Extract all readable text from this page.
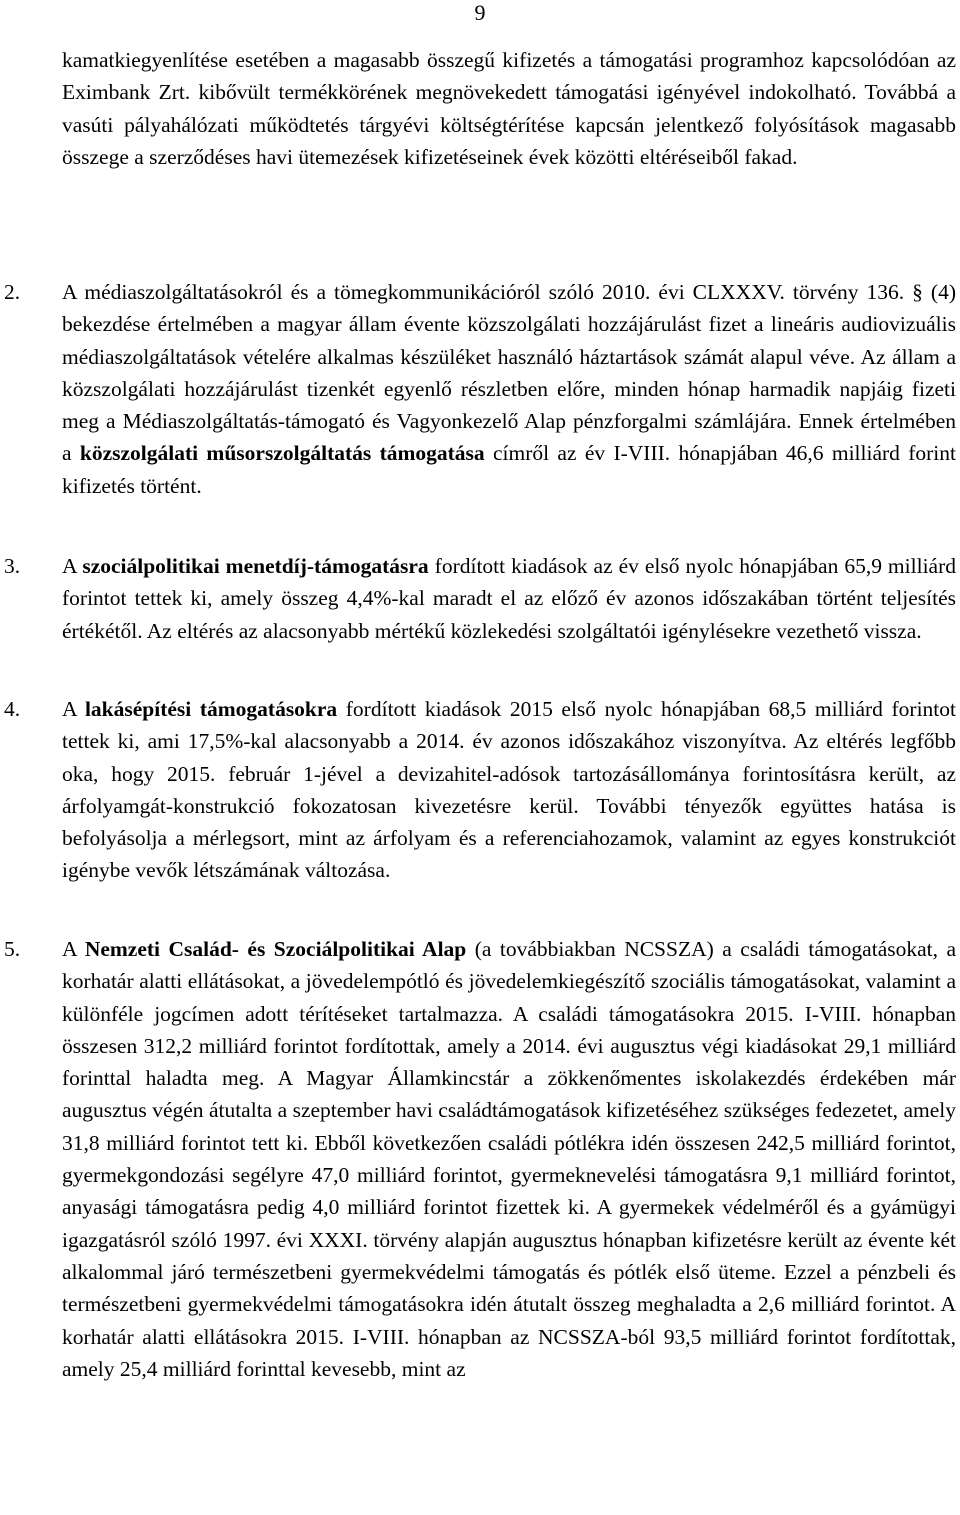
9
kamatkiegyenlítése esetében a magasabb összegű kifizetés a támogatási programhoz kapcsolódóan az Eximbank Zrt. kibővült termékkörének megnövekedett támogatási igényével indokolható. Továbbá a vasúti pályahálózati működtetés tárgyévi költségtérítése kapcsán jelentkező folyósítások magasabb összege a szerződéses havi ütemezések kifizetéseinek évek közötti eltéréseiből fakad.
2. A médiaszolgáltatásokról és a tömegkommunikációról szóló 2010. évi CLXXXV. törvény 136. § (4) bekezdése értelmében a magyar állam évente közszolgálati hozzájárulást fizet a lineáris audiovizuális médiaszolgáltatások vételére alkalmas készüléket használó háztartások számát alapul véve. Az állam a közszolgálati hozzájárulást tizenkét egyenlő részletben előre, minden hónap harmadik napjáig fizeti meg a Médiaszolgáltatás-támogató és Vagyonkezelő Alap pénzforgalmi számlájára. Ennek értelmében a közszolgálati műsorszolgáltatás támogatása címről az év I-VIII. hónapjában 46,6 milliárd forint kifizetés történt.
3. A szociálpolitikai menetdíj-támogatásra fordított kiadások az év első nyolc hónapjában 65,9 milliárd forintot tettek ki, amely összeg 4,4%-kal maradt el az előző év azonos időszakában történt teljesítés értékétől. Az eltérés az alacsonyabb mértékű közlekedési szolgáltatói igénylésekre vezethető vissza.
4. A lakásépítési támogatásokra fordított kiadások 2015 első nyolc hónapjában 68,5 milliárd forintot tettek ki, ami 17,5%-kal alacsonyabb a 2014. év azonos időszakához viszonyítva. Az eltérés legfőbb oka, hogy 2015. február 1-jével a devizahitel-adósok tartozásállománya forintosításra került, az árfolyamgát-konstrukció fokozatosan kivezetésre kerül. További tényezők együttes hatása is befolyásolja a mérlegsort, mint az árfolyam és a referenciahozamok, valamint az egyes konstrukciót igénybe vevők létszámának változása.
5. A Nemzeti Család- és Szociálpolitikai Alap (a továbbiakban NCSSZA) a családi támogatásokat, a korhatár alatti ellátásokat, a jövedelempótló és jövedelemkiegészítő szociális támogatásokat, valamint a különféle jogcímen adott térítéseket tartalmazza. A családi támogatásokra 2015. I-VIII. hónapban összesen 312,2 milliárd forintot fordítottak, amely a 2014. évi augusztus végi kiadásokat 29,1 milliárd forinttal haladta meg. A Magyar Államkincstár a zökkenőmentes iskolakezdés érdekében már augusztus végén átutalta a szeptember havi családtámogatások kifizetéséhez szükséges fedezetet, amely 31,8 milliárd forintot tett ki. Ebből következően családi pótlékra idén összesen 242,5 milliárd forintot, gyermekgondozási segélyre 47,0 milliárd forintot, gyermeknevelési támogatásra 9,1 milliárd forintot, anyasági támogatásra pedig 4,0 milliárd forintot fizettek ki. A gyermekek védelméről és a gyámügyi igazgatásról szóló 1997. évi XXXI. törvény alapján augusztus hónapban kifizetésre került az évente két alkalommal járó természetbeni gyermekvédelmi támogatás és pótlék első üteme. Ezzel a pénzbeli és természetbeni gyermekvédelmi támogatásokra idén átutalt összeg meghaladta a 2,6 milliárd forintot. A korhatár alatti ellátásokra 2015. I-VIII. hónapban az NCSSZA-ból 93,5 milliárd forintot fordítottak, amely 25,4 milliárd forinttal kevesebb, mint az
